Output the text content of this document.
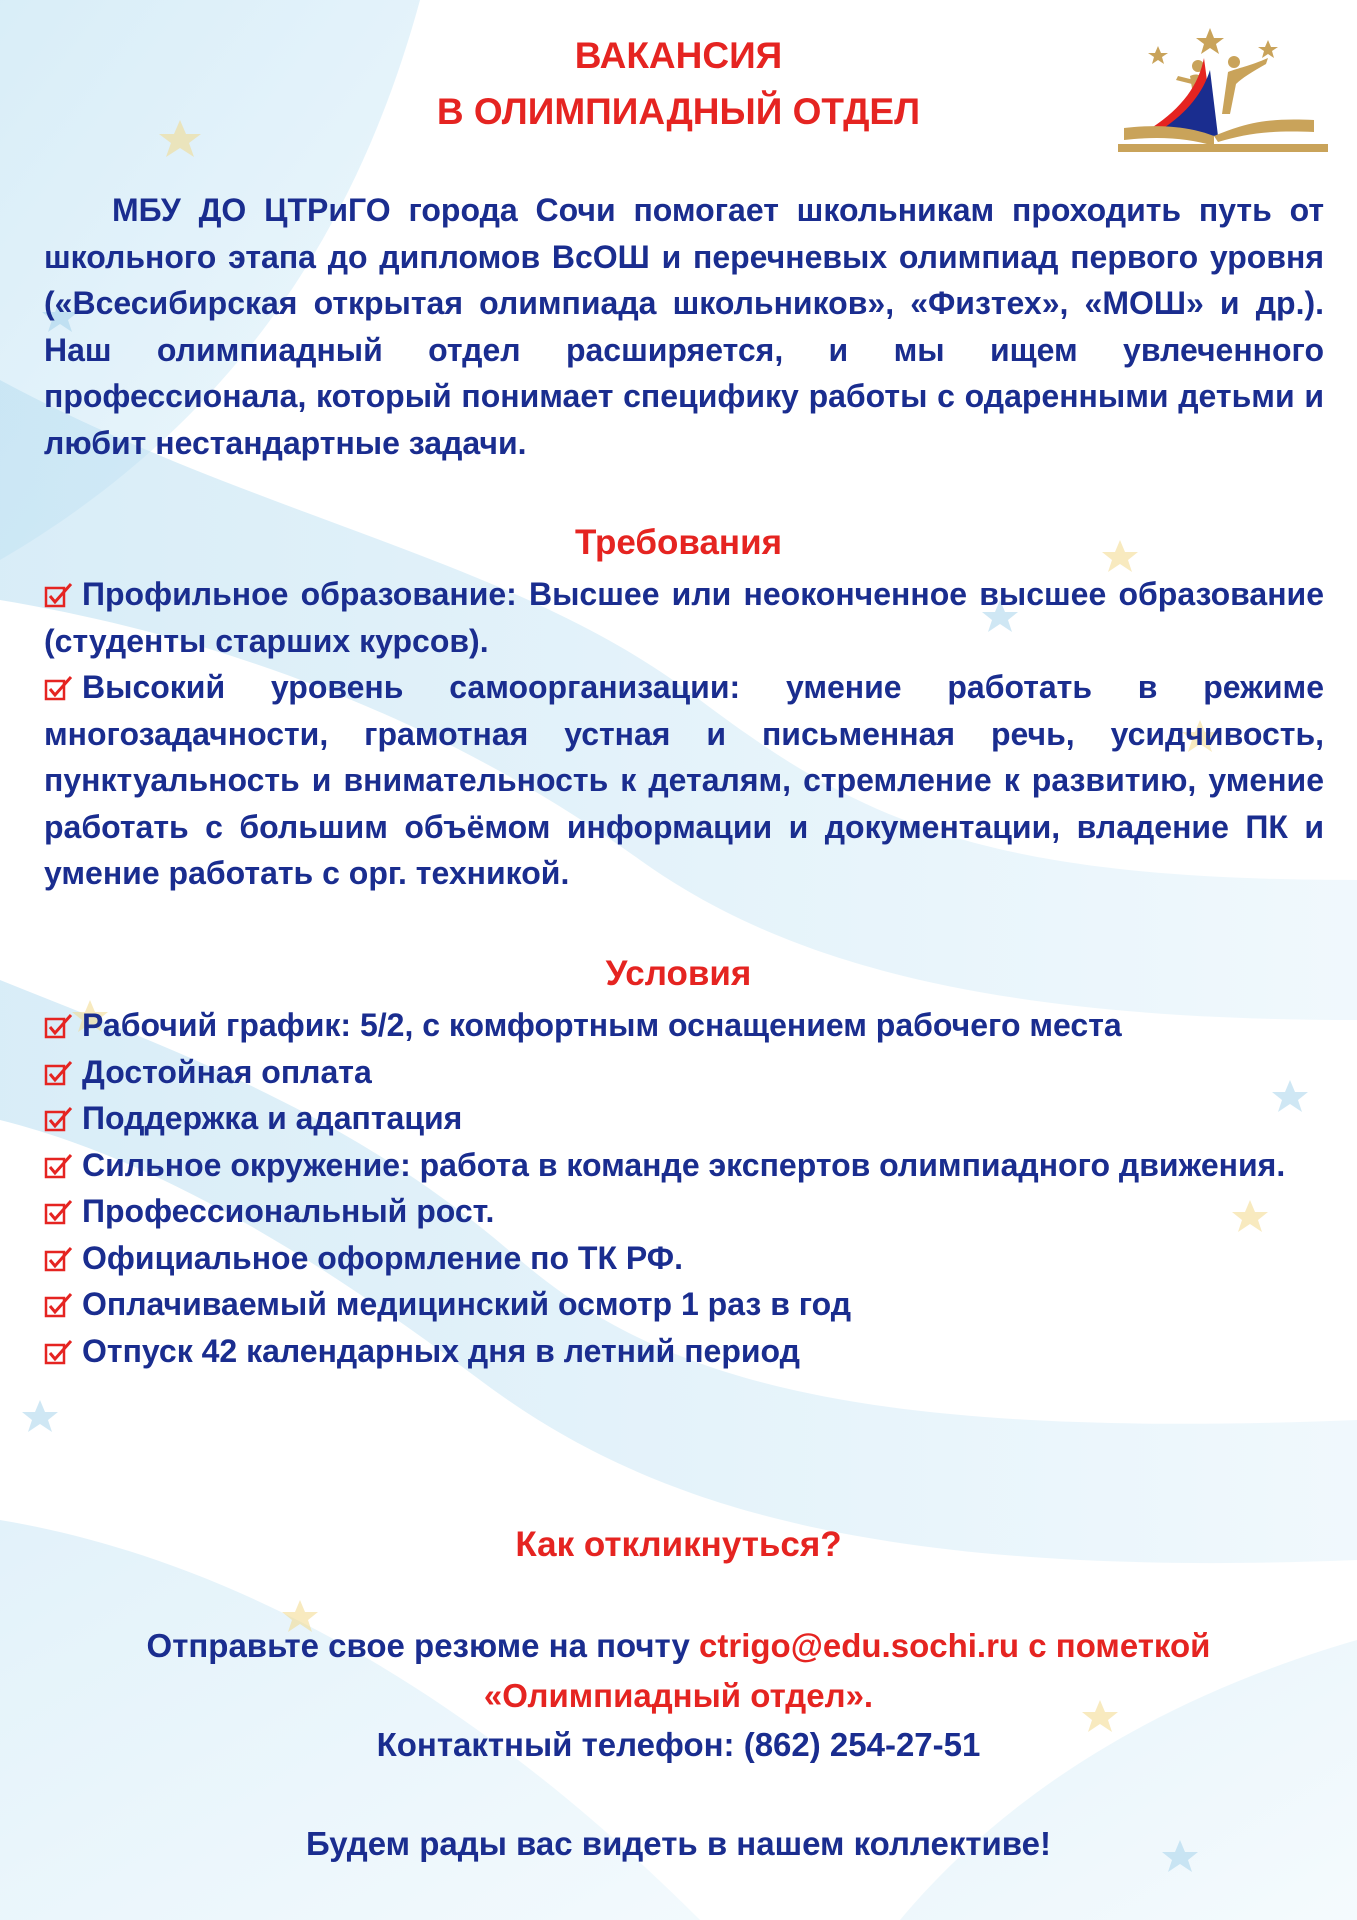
ВАКАНСИЯ
В ОЛИМПИАДНЫЙ ОТДЕЛ

МБУ ДО ЦТРиГО города Сочи помогает школьникам проходить путь от школьного этапа до дипломов ВсОШ и перечневых олимпиад первого уровня («Всесибирская открытая олимпиада школьников», «Физтех», «МОШ» и др.). Наш олимпиадный отдел расширяется, и мы ищем увлеченного профессионала, который понимает специфику работы с одаренными детьми и любит нестандартные задачи.

Требования
Профильное образование: Высшее или неоконченное высшее образование (студенты старших курсов).
Высокий уровень самоорганизации: умение работать в режиме многозадачности, грамотная устная и письменная речь, усидчивость, пунктуальность и внимательность к деталям, стремление к развитию, умение работать с большим объёмом информации и документации, владение ПК и умение работать с орг. техникой.
Условия
Рабочий график: 5/2, с комфортным оснащением рабочего места
Достойная оплата
Поддержка и адаптация
Сильное окружение: работа в команде экспертов олимпиадного движения.
Профессиональный рост.
Официальное оформление по ТК РФ.
Оплачиваемый медицинский осмотр 1 раз в год
Отпуск 42 календарных дня в летний период
Как откликнуться?
Отправьте свое резюме на почту ctrigo@edu.sochi.ru с пометкой
«Олимпиадный отдел».
Контактный телефон: (862) 254-27-51
Будем рады вас видеть в нашем коллективе!
